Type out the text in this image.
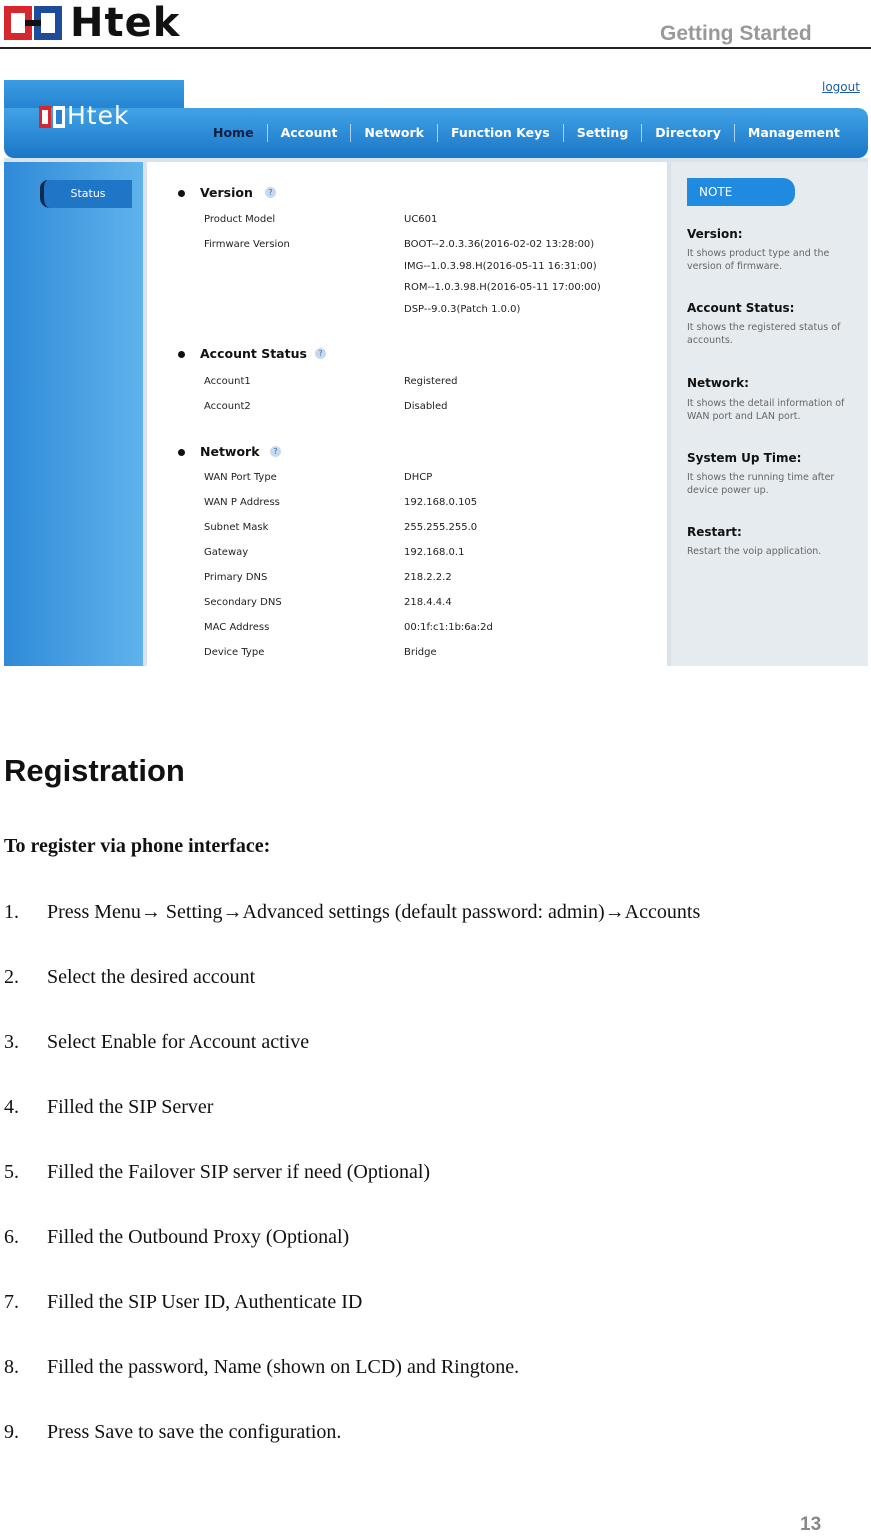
Htek	Getting Started
Htek
logout
Home	Account	Network	Function Keys	Setting	Directory	Management
Status	Version	?
Product Model	UC601
Firmware Version	BOOT--2.0.3.36(2016-02-02 13:28:00)
IMG--1.0.3.98.H(2016-05-11 16:31:00)
ROM--1.0.3.98.H(2016-05-11 17:00:00)
DSP--9.0.3(Patch 1.0.0)
Account Status	?
Account1	Registered
Account2	Disabled
Network	?
WAN Port Type	DHCP
WAN P Address	192.168.0.105
Subnet Mask	255.255.255.0
Gateway	192.168.0.1
Primary DNS	218.2.2.2
Secondary DNS	218.4.4.4
MAC Address	00:1f:c1:1b:6a:2d
Device Type	Bridge
NOTE
Version:
It shows product type and the version of firmware.
Account Status:
It shows the registered status of accounts.
Network:
It shows the detail information of WAN port and LAN port.
System Up Time:
It shows the running time after device power up.
Restart:
Restart the voip application.
Registration
To register via phone interface:
1. Press Menu→ Setting→Advanced settings (default password: admin)→Accounts
2. Select the desired account
3. Select Enable for Account active
4. Filled the SIP Server
5. Filled the Failover SIP server if need (Optional)
6. Filled the Outbound Proxy (Optional)
7. Filled the SIP User ID, Authenticate ID
8. Filled the password, Name (shown on LCD) and Ringtone.
9. Press Save to save the configuration.
13
